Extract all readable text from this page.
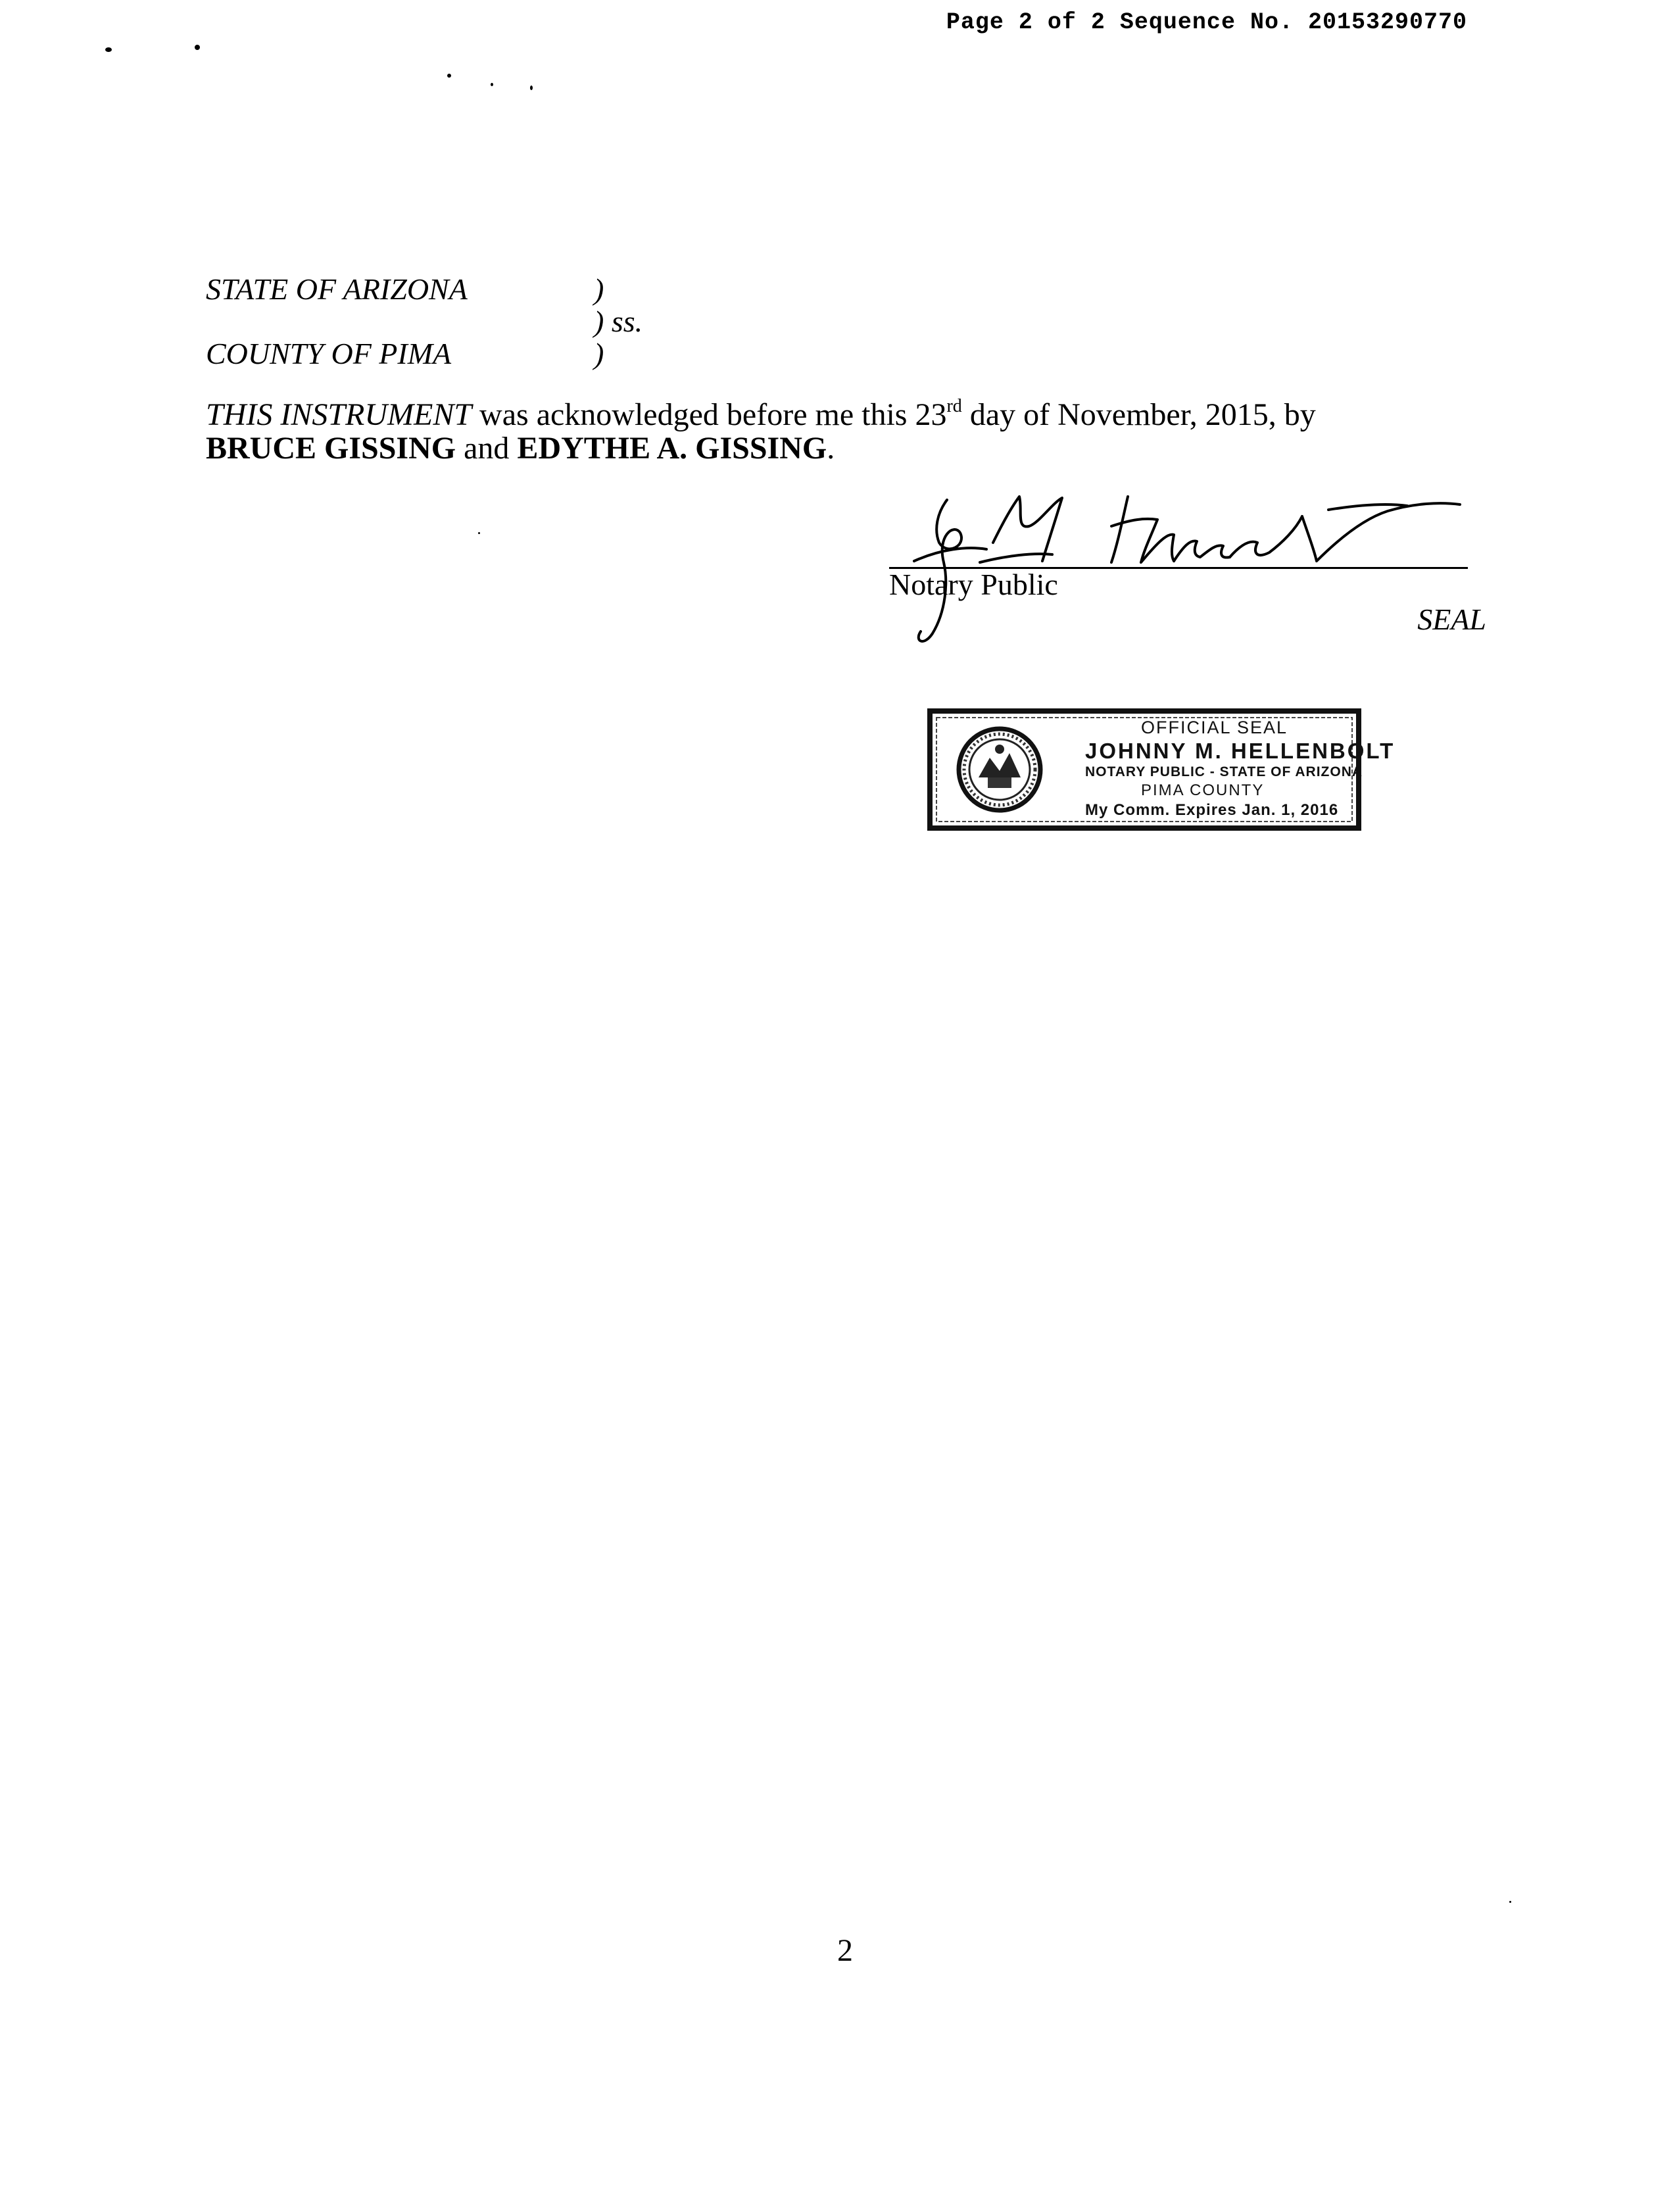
Page 2 of 2 Sequence No. 20153290770
STATE OF ARIZONA	)
) ss.
COUNTY OF PIMA	)
THIS INSTRUMENT was acknowledged before me this 23rd day of November, 2015, by
BRUCE GISSING and EDYTHE A. GISSING.
Notary Public
SEAL
OFFICIAL SEAL
JOHNNY M. HELLENBOLT
NOTARY PUBLIC - STATE OF ARIZONA
PIMA COUNTY
My Comm. Expires Jan. 1, 2016
2
